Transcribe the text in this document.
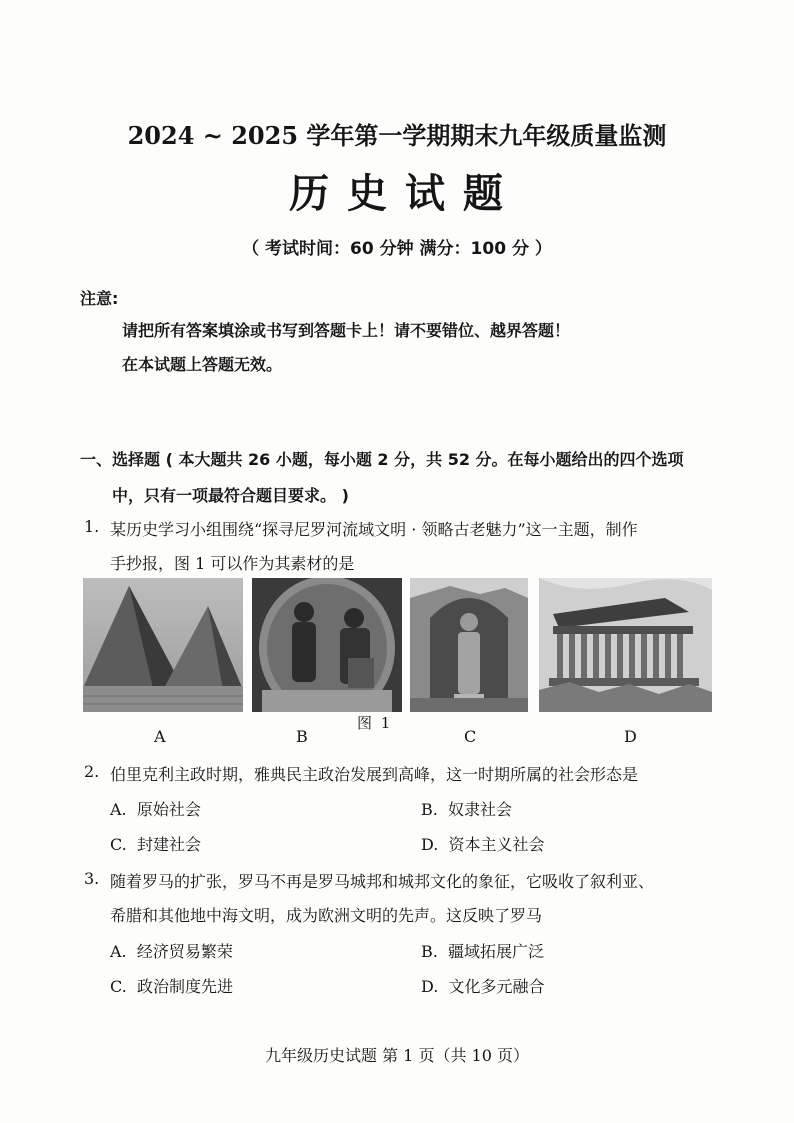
2024 ~ 2025 学年第一学期期末九年级质量监测
历 史 试 题
（ 考试时间：60 分钟 满分：100 分 ）
注意:
请把所有答案填涂或书写到答题卡上！请不要错位、越界答题！
在本试题上答题无效。
一、选择题 ( 本大题共 26 小题，每小题 2 分，共 52 分。在每小题给出的四个选项
中，只有一项最符合题目要求。 )
1. 某历史学习小组围绕“探寻尼罗河流域文明 · 领略古老魅力”这一主题，制作
手抄报，图 1 可以作为其素材的是
A	B
图 1
C	D
2. 伯里克利主政时期，雅典民主政治发展到高峰，这一时期所属的社会形态是
A. 原始社会	B. 奴隶社会
C. 封建社会	D. 资本主义社会
3. 随着罗马的扩张，罗马不再是罗马城邦和城邦文化的象征，它吸收了叙利亚、
希腊和其他地中海文明，成为欧洲文明的先声。这反映了罗马
A. 经济贸易繁荣	B. 疆域拓展广泛
C. 政治制度先进	D. 文化多元融合
九年级历史试题 第 1 页（共 10 页）
